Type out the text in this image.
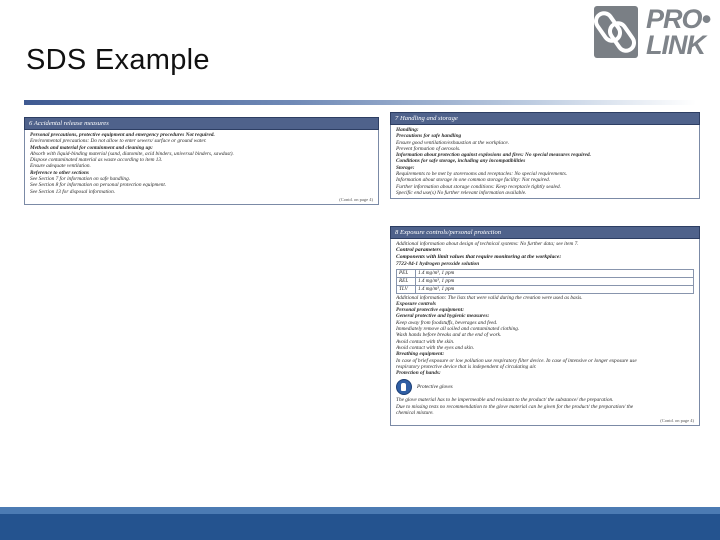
SDS Example
PRO•
LINK
6 Accidental release measures
Personal precautions, protective equipment and emergency procedures Not required.
Environmental precautions: Do not allow to enter sewers/ surface or ground water.
Methods and material for containment and cleaning up:
Absorb with liquid-binding material (sand, diatomite, acid binders, universal binders, sawdust).
Dispose contaminated material as waste according to item 13.
Ensure adequate ventilation.
Reference to other sections
See Section 7 for information on safe handling.
See Section 8 for information on personal protection equipment.
See Section 13 for disposal information.
(Contd. on page 4)
7 Handling and storage
Handling:
Precautions for safe handling
Ensure good ventilation/exhaustion at the workplace.
Prevent formation of aerosols.
Information about protection against explosions and fires: No special measures required.
Conditions for safe storage, including any incompatibilities
Storage:
Requirements to be met by storerooms and receptacles: No special requirements.
Information about storage in one common storage facility: Not required.
Further information about storage conditions: Keep receptacle tightly sealed.
Specific end use(s) No further relevant information available.
8 Exposure controls/personal protection
Additional information about design of technical systems: No further data; see item 7.
Control parameters
Components with limit values that require monitoring at the workplace:
7722-84-1 hydrogen peroxide solution
PEL	1.4 mg/m³, 1 ppm
REL	1.4 mg/m³, 1 ppm
TLV	1.4 mg/m³, 1 ppm
Additional information: The lists that were valid during the creation were used as basis.
Exposure controls
Personal protective equipment:
General protective and hygienic measures:
Keep away from foodstuffs, beverages and feed.
Immediately remove all soiled and contaminated clothing.
Wash hands before breaks and at the end of work.
Avoid contact with the skin.
Avoid contact with the eyes and skin.
Breathing equipment:
In case of brief exposure or low pollution use respiratory filter device. In case of intensive or longer exposure use
respiratory protective device that is independent of circulating air.
Protection of hands:
Protective gloves
The glove material has to be impermeable and resistant to the product/ the substance/ the preparation.
Due to missing tests no recommendation to the glove material can be given for the product/ the preparation/ the
chemical mixture.
(Contd. on page 4)
